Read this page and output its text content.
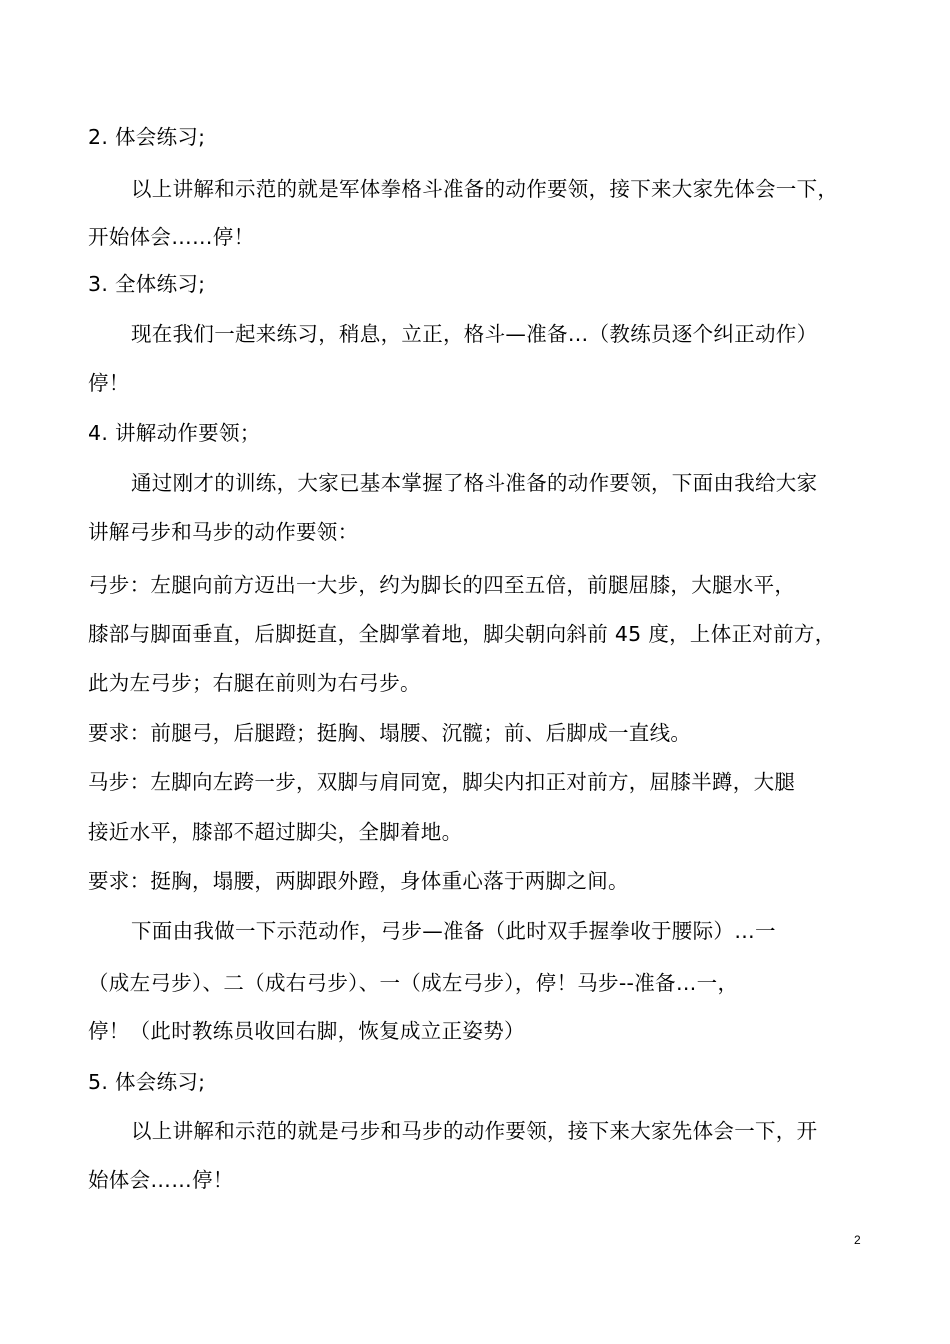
2. 体会练习;
以上讲解和示范的就是军体拳格斗准备的动作要领，接下来大家先体会一下，
开始体会……停！
3. 全体练习;
现在我们一起来练习，稍息，立正，格斗—准备…（教练员逐个纠正动作）
停！
4. 讲解动作要领；
通过刚才的训练，大家已基本掌握了格斗准备的动作要领，下面由我给大家
讲解弓步和马步的动作要领：
弓步：左腿向前方迈出一大步，约为脚长的四至五倍，前腿屈膝，大腿水平，
膝部与脚面垂直，后脚挺直，全脚掌着地，脚尖朝向斜前 45 度，上体正对前方，
此为左弓步；右腿在前则为右弓步。
要求：前腿弓，后腿蹬；挺胸、塌腰、沉髋；前、后脚成一直线。
马步：左脚向左跨一步，双脚与肩同宽，脚尖内扣正对前方，屈膝半蹲，大腿
接近水平，膝部不超过脚尖，全脚着地。
要求：挺胸，塌腰，两脚跟外蹬，身体重心落于两脚之间。
下面由我做一下示范动作，弓步—准备（此时双手握拳收于腰际）…一
（成左弓步）、二（成右弓步）、一（成左弓步），停！马步--准备…一，
停！（此时教练员收回右脚，恢复成立正姿势）
5. 体会练习;
以上讲解和示范的就是弓步和马步的动作要领，接下来大家先体会一下，开
始体会……停！
2
